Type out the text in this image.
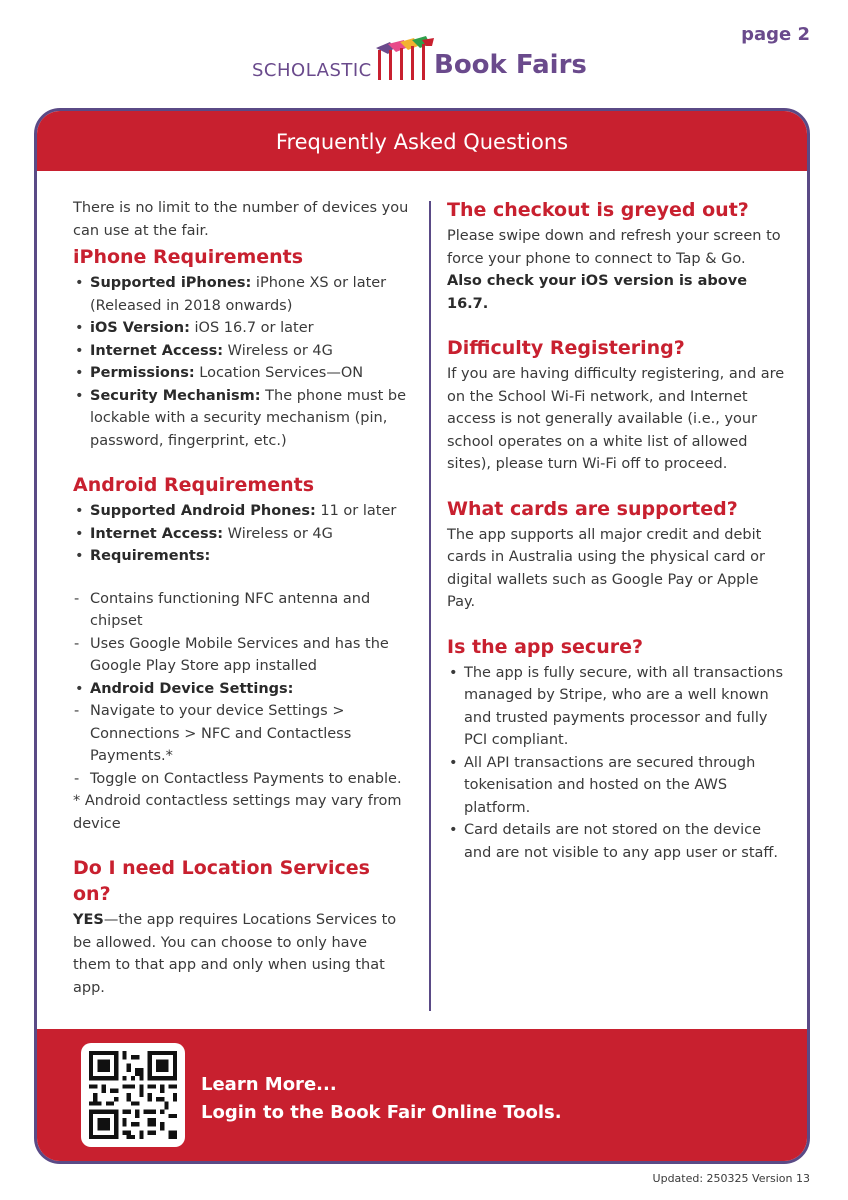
page 2
SCHOLASTIC Book Fairs
Frequently Asked Questions

There is no limit to the number of devices you can use at the fair.

iPhone Requirements
• Supported iPhones: iPhone XS or later (Released in 2018 onwards)
• iOS Version: iOS 16.7 or later
• Internet Access: Wireless or 4G
• Permissions: Location Services—ON
• Security Mechanism: The phone must be lockable with a security mechanism (pin, password, fingerprint, etc.)
Android Requirements
• Supported Android Phones: 11 or later
• Internet Access: Wireless or 4G
• Requirements:
- Contains functioning NFC antenna and chipset
- Uses Google Mobile Services and has the Google Play Store app installed
• Android Device Settings:
- Navigate to your device Settings > Connections > NFC and Contactless Payments.*
- Toggle on Contactless Payments to enable.

* Android contactless settings may vary from device

Do I need Location Services on?

YES—the app requires Locations Services to be allowed. You can choose to only have them to that app and only when using that app.

The checkout is greyed out?

Please swipe down and refresh your screen to force your phone to connect to Tap & Go.

Also check your iOS version is above 16.7.

Difficulty Registering?

If you are having difficulty registering, and are on the School Wi-Fi network, and Internet access is not generally available (i.e., your school operates on a white list of allowed sites), please turn Wi-Fi off to proceed.

What cards are supported?

The app supports all major credit and debit cards in Australia using the physical card or digital wallets such as Google Pay or Apple Pay.

Is the app secure?
• The app is fully secure, with all transactions managed by Stripe, who are a well known and trusted payments processor and fully PCI compliant.
• All API transactions are secured through tokenisation and hosted on the AWS platform.
• Card details are not stored on the device and are not visible to any app user or staff.
Learn More...
Login to the Book Fair Online Tools.
Updated: 250325 Version 13
